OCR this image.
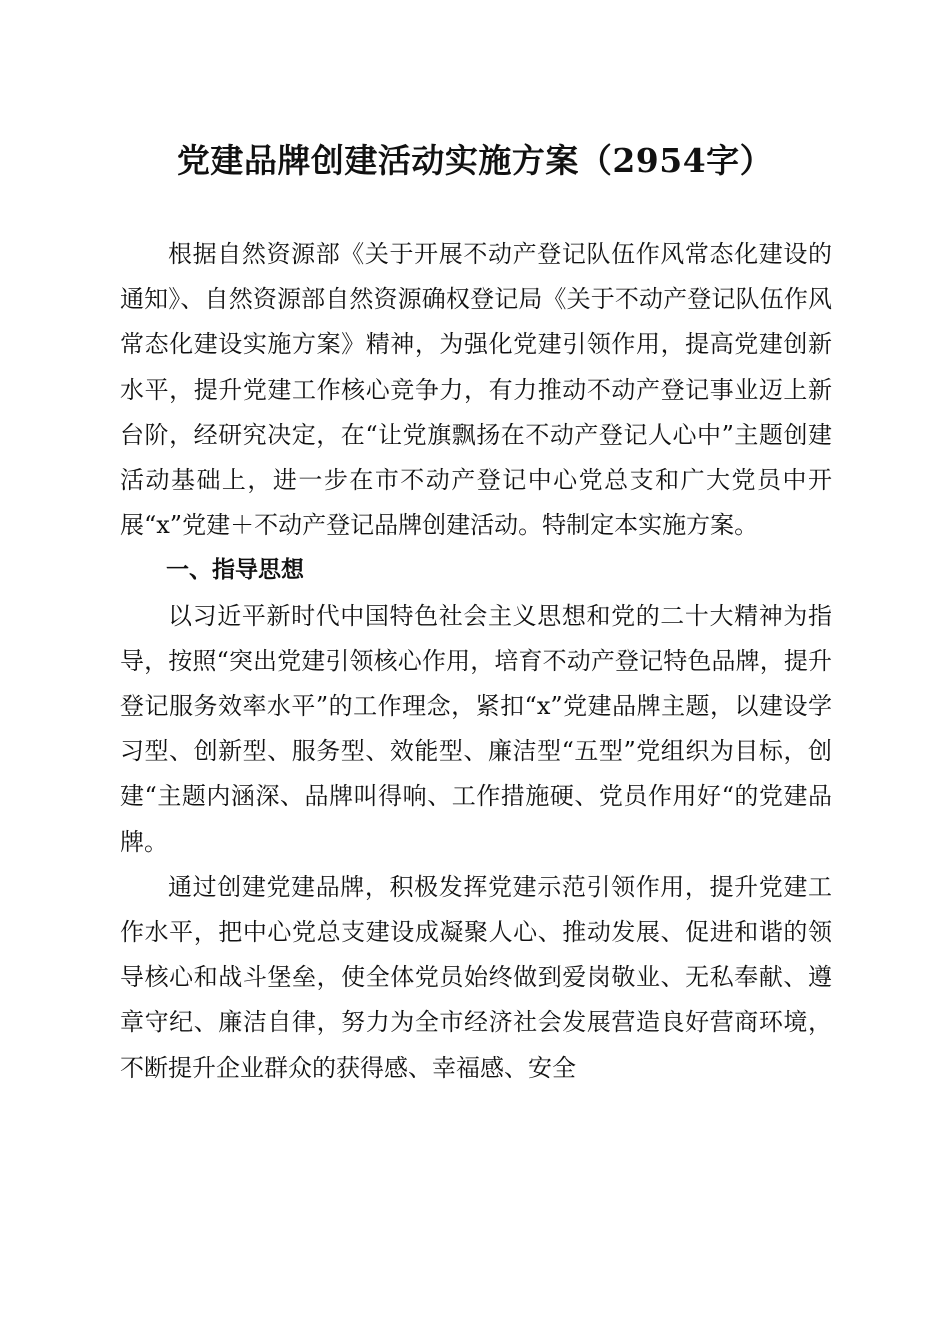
党建品牌创建活动实施方案（2954字）

根据自然资源部《关于开展不动产登记队伍作风常态化建设的通知》、自然资源部自然资源确权登记局《关于不动产登记队伍作风常态化建设实施方案》精神，为强化党建引领作用，提高党建创新水平，提升党建工作核心竞争力，有力推动不动产登记事业迈上新台阶，经研究决定，在“让党旗飘扬在不动产登记人心中”主题创建活动基础上，进一步在市不动产登记中心党总支和广大党员中开展“x”党建＋不动产登记品牌创建活动。特制定本实施方案。

一、指导思想

以习近平新时代中国特色社会主义思想和党的二十大精神为指导，按照“突出党建引领核心作用，培育不动产登记特色品牌，提升登记服务效率水平”的工作理念，紧扣“x”党建品牌主题，以建设学习型、创新型、服务型、效能型、廉洁型“五型”党组织为目标，创建“主题内涵深、品牌叫得响、工作措施硬、党员作用好“的党建品牌。

通过创建党建品牌，积极发挥党建示范引领作用，提升党建工作水平，把中心党总支建设成凝聚人心、推动发展、促进和谐的领导核心和战斗堡垒，使全体党员始终做到爱岗敬业、无私奉献、遵章守纪、廉洁自律，努力为全市经济社会发展营造良好营商环境，不断提升企业群众的获得感、幸福感、安全
